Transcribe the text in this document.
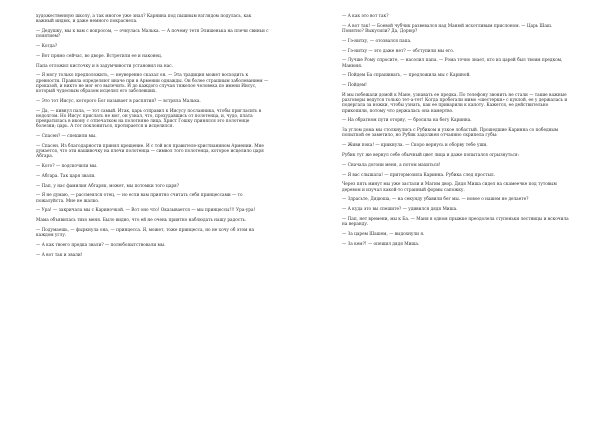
художественную школу, а так многое уже знал? Карнина под пышным взглядом подулась, как важный индюк, и даже немного покраснела.

— Дедушку, мы к вам с вопросом, — очнулась Малька. — А почему тетя Элишенька на плечи свиньи с понятием?

— Когда?

— Вот прямо сейчас, во дворе. Встретили ее и наконец.

Папа отложил кисточку и в задумчивости установил на нас.

— Я могу только предположить, — неуверенно сказал он. — Эта традиция может восходить к древности. Правила определяют иначе при в Армении однажды. Он более страшным заболеванием — проказой, и никто не мог его вылечить. И до каждого случая тяжелое человека по имени Иисус, который чудесным образом исцелял его заболевших.

— Это тот Иисус, которого Бог называет в распятия? — встряла Малька.

— Да, — кивнул пала, — тот самый. Итак, царь отправил к Иисусу посланника, чтобы пригласить в недолгом. Но Иисус прислать не мог, он узнал, что, прохудавшись от полотенца, и, чудо, плата превратилась в икону с отпечатком на полотняне лица. Христ Гошку принялся это полотенце болезни; царь. А тот поклониться, протирается и исцелился.

— Спасен? — спешили мы.

— Спасен. Из благодарности принял крещение. И с той вся правителе-христианином Армении. Мне думается, что эти нашивочку на плечи полотенца — символ того полотенца, которое исцелило царя Абгара.

— Кого? — подскочили мы.

— Абгара. Так царя звали.

— Пап, у нас фамилия Абгаряк, может, мы потомки того царя?

— Я не думаю, — рассмеялся отец, — но если вам приятно считать себя принцессами — то пожалуйста. Мне не жалко.

— Ура! — закричала мы с Кариночкой. — Вот оно что! Оказывается — мы принцессы!!! Ура-ура!

Мама объявилась тихо меня. Было видно, что ей не очень приятно наблюдать нашу радость.

— Подумаешь, — фыркнула она, — принцесса. Я, может, тоже принцесса, но не хочу об этом на каждом углу.

— А как твоего предка звали? — полюбопытствовали мы.

— А вот так и звали!

— А как это вот так?

— А вот так! — Боевой чубчик развевался над Манюй исхотливым прислоном. — Царь Шаш. Понятно? Выкусили? Да, Дорюр?

— Гэ-нитху, — отозвался папа.

— Гэ-нитху — это даже нет? — обступили мы его.

— Лучше Рому спросите, — насолил папа. — Рома точно знает, кто из царей был твоим предком, Манюня.

— Пойдем Ба спрашивать, — предложила мы с Кариной.

— Пойдем!

И мы побежали домой к Мане, узнавать ее предка. По телефону звонить не стали — такие важные разговоры ведутся только тет-а-тет! Когда пробегали мимо «шестерки» с куклой, ее у держалась и подергала за ножки, чтобы узнать, как ее приварили к капоту. Кажется, ее действительно прикопили, потому что держалась она намертво.

— На обратном пути оторву, — бросила на бегу Каринна.

За углом дома мы столкнулись с Рубиком и узкое лобастый. Прошедшие Каринна со победным попыткой ее заметило, но Рубик задолжен отчаянно скрипела губы:

— Живи пока! — крикнула. — Скоро вернусь и оборву тебе уши.

Рубик тут же вернул себе обычный цвет лица и даже попытался огрызнуться:

— Сначала догони меня, а потом махиться!

— Я вас слышала! — притормозила Каринна. Рубика след простыл.

Через пять минут мы уже застали и Магим двор. Дядя Миша сидел на скамеечке под тутовым деревом и изучал какой-то странный формы сапожку.

— Здрасьте, Дядюша, — на секунду убавили бег мы. — новое о нашем не делаете?

— А куда это вы спешите? — удивился дядя Миша.

— Пап, нет времени, мы к Ба. — Маня в одном прыжке преодолела ступеньки лестницы и вскочила на веранду.

— За царем Шашем, — выдохнули я.

— За кем?! — опешил дядя Миша.
